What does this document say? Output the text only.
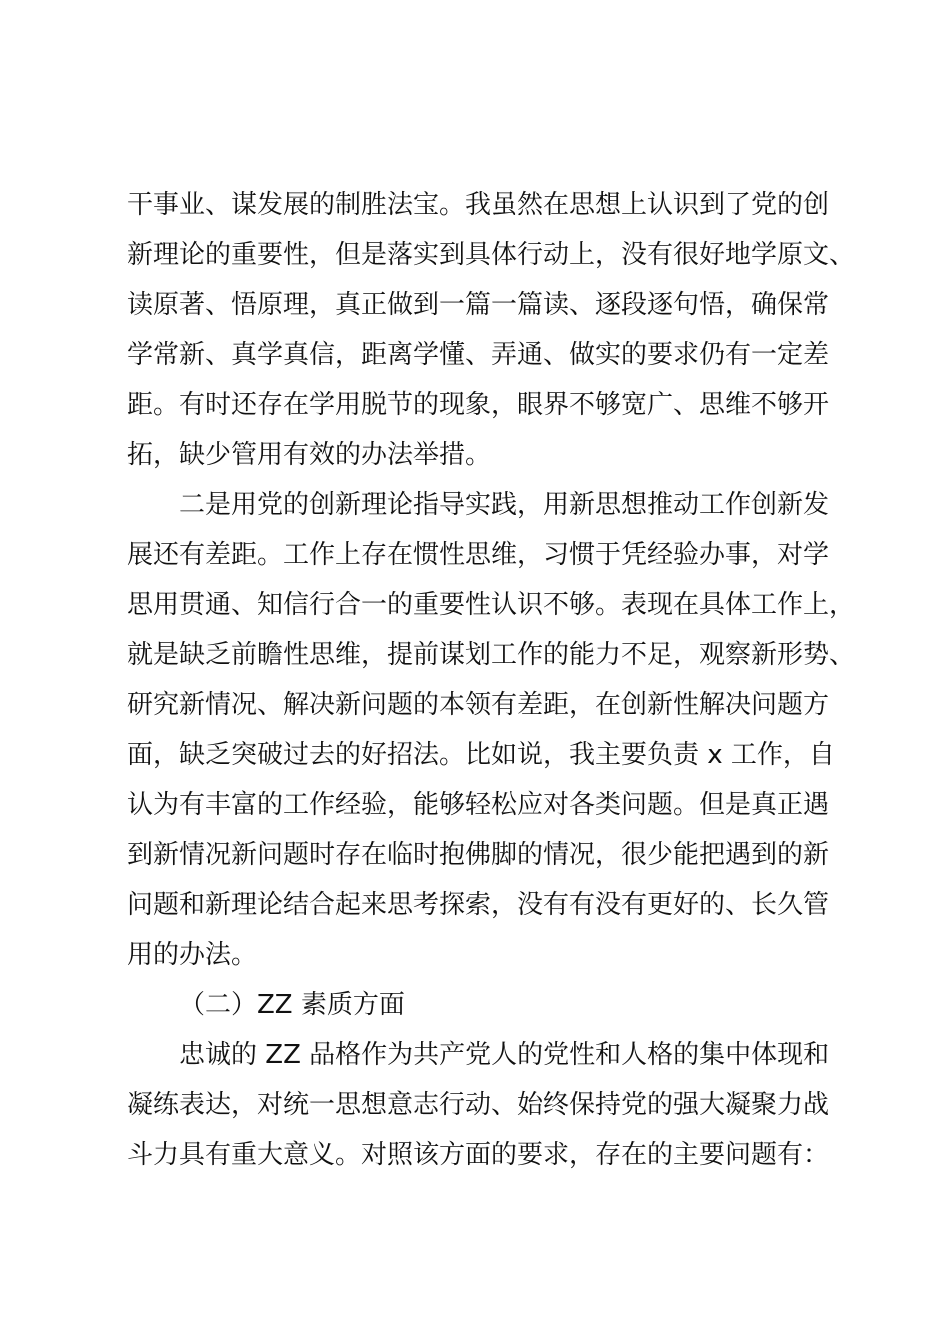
干事业、谋发展的制胜法宝。我虽然在思想上认识到了党的创
新理论的重要性，但是落实到具体行动上，没有很好地学原文、
读原著、悟原理，真正做到一篇一篇读、逐段逐句悟，确保常
学常新、真学真信，距离学懂、弄通、做实的要求仍有一定差
距。有时还存在学用脱节的现象，眼界不够宽广、思维不够开
拓，缺少管用有效的办法举措。
二是用党的创新理论指导实践，用新思想推动工作创新发
展还有差距。工作上存在惯性思维，习惯于凭经验办事，对学
思用贯通、知信行合一的重要性认识不够。表现在具体工作上，
就是缺乏前瞻性思维，提前谋划工作的能力不足，观察新形势、
研究新情况、解决新问题的本领有差距，在创新性解决问题方
面，缺乏突破过去的好招法。比如说，我主要负责 x 工作，自
认为有丰富的工作经验，能够轻松应对各类问题。但是真正遇
到新情况新问题时存在临时抱佛脚的情况，很少能把遇到的新
问题和新理论结合起来思考探索，没有有没有更好的、长久管
用的办法。
（二）ZZ 素质方面
忠诚的 ZZ 品格作为共产党人的党性和人格的集中体现和
凝练表达，对统一思想意志行动、始终保持党的强大凝聚力战
斗力具有重大意义。对照该方面的要求，存在的主要问题有：
